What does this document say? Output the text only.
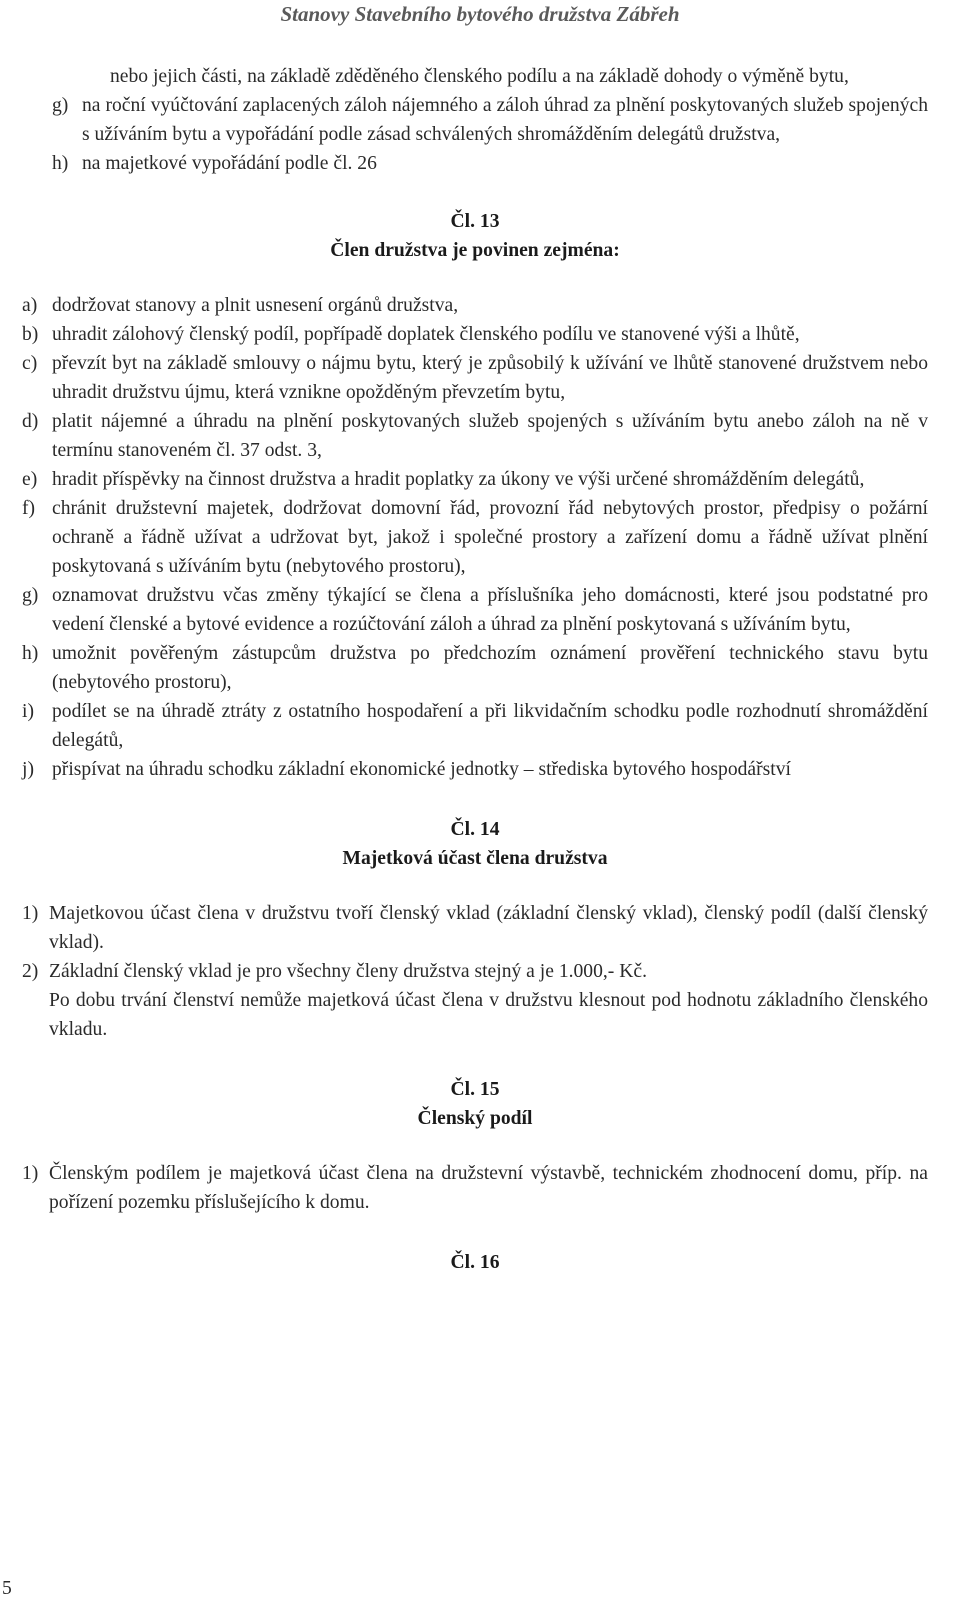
Stanovy Stavebního bytového družstva Zábřeh
nebo jejich části, na základě zděděného členského podílu a na základě dohody o výměně bytu,
g) na roční vyúčtování zaplacených záloh nájemného a záloh úhrad za plnění poskytovaných služeb spojených s užíváním bytu a vypořádání podle zásad schválených shromážděním delegátů družstva,
h) na majetkové vypořádání podle čl. 26
Čl. 13
Člen družstva je povinen zejména:
a) dodržovat stanovy a plnit usnesení orgánů družstva,
b) uhradit zálohový členský podíl, popřípadě doplatek členského podílu ve stanovené výši a lhůtě,
c) převzít byt na základě smlouvy o nájmu bytu, který je způsobilý k užívání ve lhůtě stanovené družstvem nebo uhradit družstvu újmu, která vznikne opožděným převzetím bytu,
d) platit nájemné a úhradu na plnění poskytovaných služeb spojených s užíváním bytu anebo záloh na ně v termínu stanoveném čl. 37 odst. 3,
e) hradit příspěvky na činnost družstva a hradit poplatky za úkony ve výši určené shromážděním delegátů,
f) chránit družstevní majetek, dodržovat domovní řád, provozní řád nebytových prostor, předpisy o požární ochraně a řádně užívat a udržovat byt, jakož i společné prostory a zařízení domu a řádně užívat plnění poskytovaná s užíváním bytu (nebytového prostoru),
g) oznamovat družstvu včas změny týkající se člena a příslušníka jeho domácnosti, které jsou podstatné pro vedení členské a bytové evidence a rozúčtování záloh a úhrad za plnění poskytovaná s užíváním bytu,
h) umožnit pověřeným zástupcům družstva po předchozím oznámení prověření technického stavu bytu (nebytového prostoru),
i) podílet se na úhradě ztráty z ostatního hospodaření a při likvidačním schodku podle rozhodnutí shromáždění delegátů,
j) přispívat na úhradu schodku základní ekonomické jednotky – střediska bytového hospodářství
Čl. 14
Majetková účast člena družstva
1) Majetkovou účast člena v družstvu tvoří členský vklad (základní členský vklad), členský podíl (další členský vklad).
2) Základní členský vklad je pro všechny členy družstva stejný a je 1.000,- Kč.
Po dobu trvání členství nemůže majetková účast člena v družstvu klesnout pod hodnotu základního členského vkladu.
Čl. 15
Členský podíl
1) Členským podílem je majetková účast člena na družstevní výstavbě, technickém zhodnocení domu, příp. na pořízení pozemku příslušejícího k domu.
Čl. 16
5
